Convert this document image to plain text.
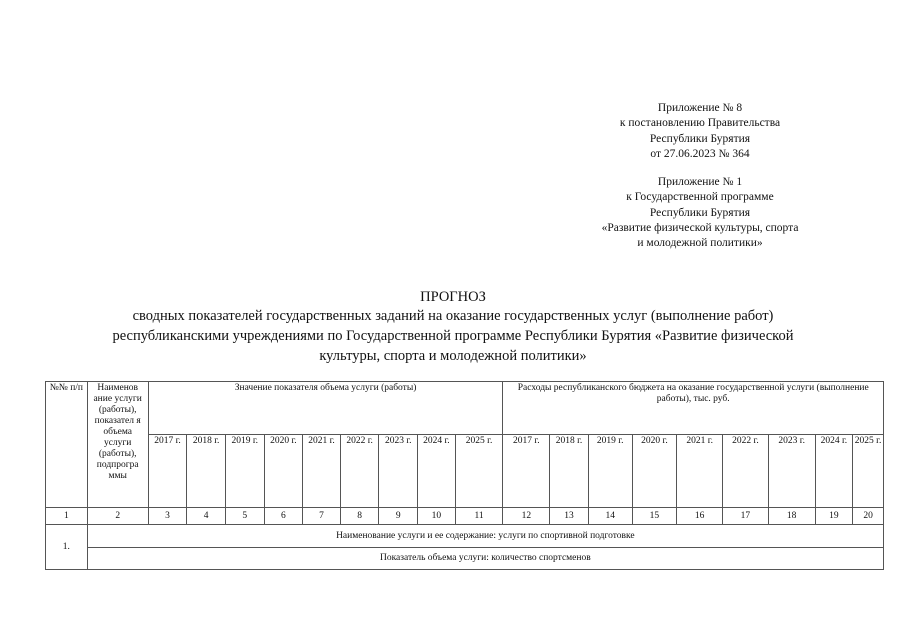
Приложение № 8
к постановлению Правительства
Республики Бурятия
от 27.06.2023 № 364
Приложение № 1
к Государственной программе
Республики Бурятия
«Развитие физической культуры, спорта
и молодежной политики»
ПРОГНОЗ
сводных показателей государственных заданий на оказание государственных услуг (выполнение работ)
республиканскими учреждениями по Государственной программе Республики Бурятия «Развитие физической
культуры, спорта и молодежной политики»
№№ п/п	Наименов ание услуги (работы), показател я объема услуги (работы), подпрогра ммы	Значение показателя объема услуги (работы)									Расходы республиканского бюджета на оказание государственной услуги (выполнение работы), тыс. руб.								
		2017 г.	2018 г.	2019 г.	2020 г.	2021 г.	2022 г.	2023 г.	2024 г.	2025 г.	2017 г.	2018 г.	2019 г.	2020 г.	2021 г.	2022 г.	2023 г.	2024 г.	2025 г.
1	2	3	4	5	6	7	8	9	10	11	12	13	14	15	16	17	18	19	20
1.	Наименование услуги и ее содержание: услуги по спортивной подготовке																		
	Показатель объема услуги: количество спортсменов																		
